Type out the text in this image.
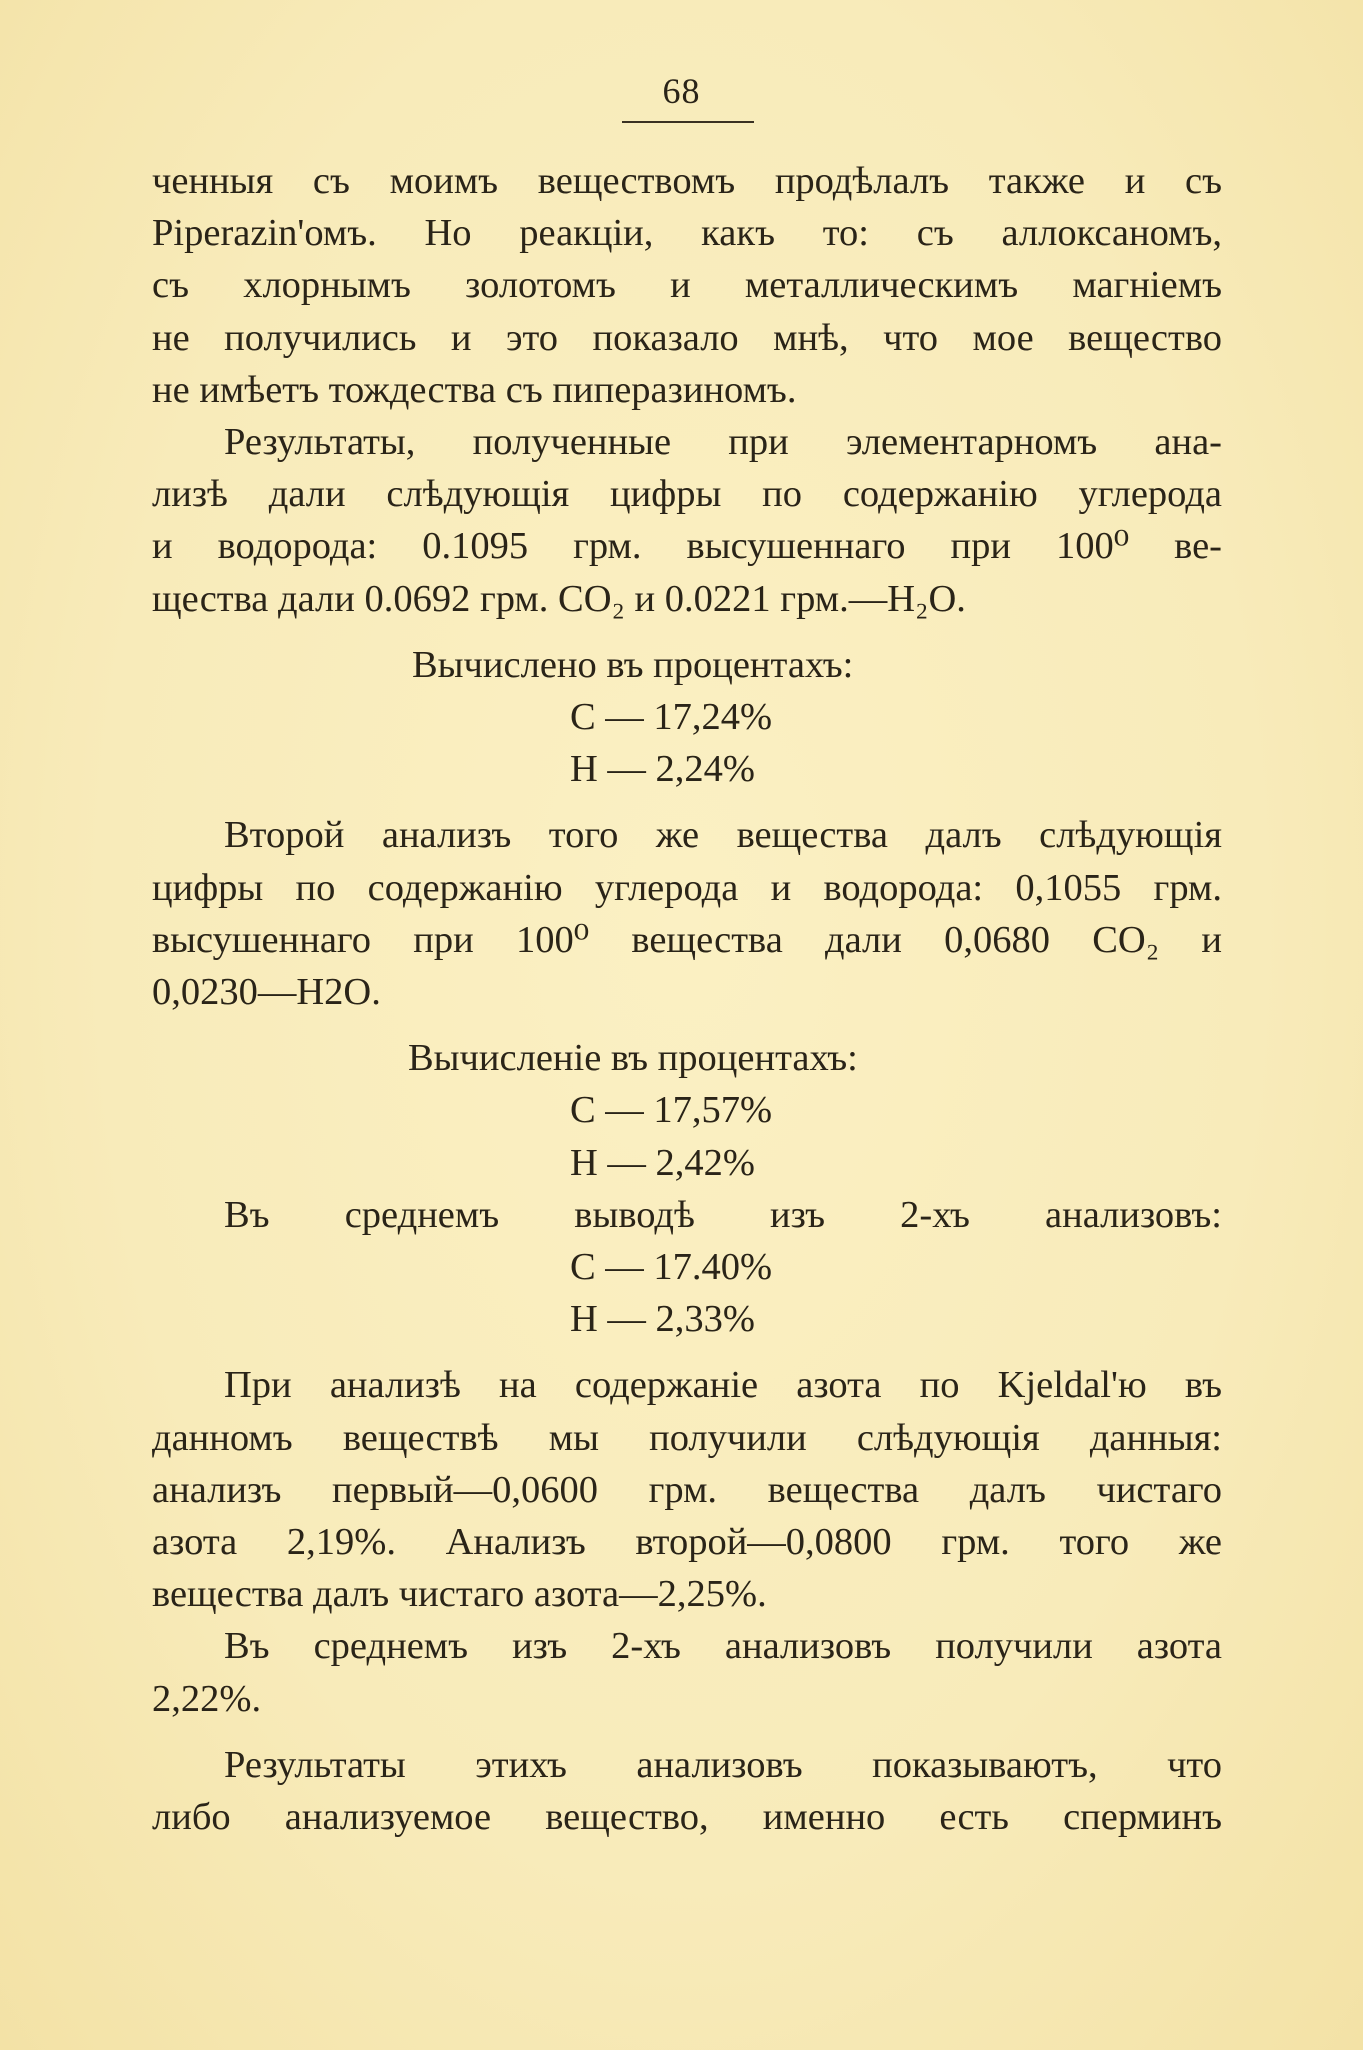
68
ченныя съ моимъ веществомъ продѣлалъ также и съ
Piperazin'омъ. Но реакціи, какъ то: съ аллоксаномъ,
съ хлорнымъ золотомъ и металлическимъ магніемъ
не получились и это показало мнѣ, что мое вещество
не имѣетъ тождества съ пиперазиномъ.
Результаты, полученные при элементарномъ ана-
лизѣ дали слѣдующія цифры по содержанію углерода
и водорода: 0.1095 грм. высушеннаго при 100⁰ ве-
щества дали 0.0692 грм. CO₂ и 0.0221 грм.—H₂O.
Вычислено въ процентахъ:
C — 17,24%
H — 2,24%
Второй анализъ того же вещества далъ слѣдующія
цифры по содержанію углерода и водорода: 0,1055 грм.
высушеннаго при 100⁰ вещества дали 0,0680 CO₂ и
0,0230—H2O.
Вычисленіе въ процентахъ:
C — 17,57%
H — 2,42%
Въ среднемъ выводѣ изъ 2-хъ анализовъ:
C — 17.40%
H — 2,33%
При анализѣ на содержаніе азота по Kjeldal'ю въ
данномъ веществѣ мы получили слѣдующія данныя:
анализъ первый—0,0600 грм. вещества далъ чистаго
азота 2,19%. Анализъ второй—0,0800 грм. того же
вещества далъ чистаго азота—2,25%.
Въ среднемъ изъ 2-хъ анализовъ получили азота
2,22%.
Результаты этихъ анализовъ показываютъ, что
либо анализуемое вещество, именно есть сперминъ
